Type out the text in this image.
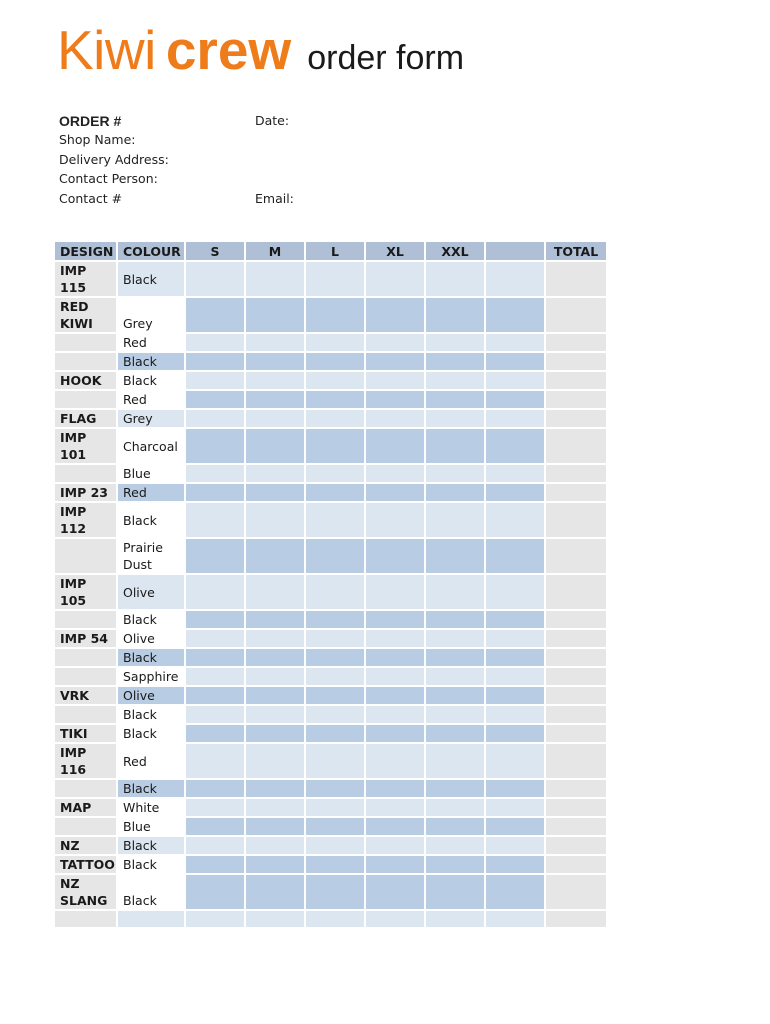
Kiwi crew order form
ORDER #	Date:
Shop Name:
Delivery Address:
Contact Person:
Contact #	Email:
DESIGN	COLOUR	S	M	L	XL	XXL		TOTAL
IMP 115	Black							
RED KIWI	Grey							
	Red							
	Black							
HOOK	Black							
	Red							
FLAG	Grey							
IMP 101	Charcoal							
	Blue							
IMP 23	Red							
IMP 112	Black							
	Prairie Dust							
IMP 105	Olive							
	Black							
IMP 54	Olive							
	Black							
	Sapphire							
VRK	Olive							
	Black							
TIKI	Black							
IMP 116	Red							
	Black							
MAP	White							
	Blue							
NZ	Black							
TATTOO	Black							
NZ SLANG	Black							
